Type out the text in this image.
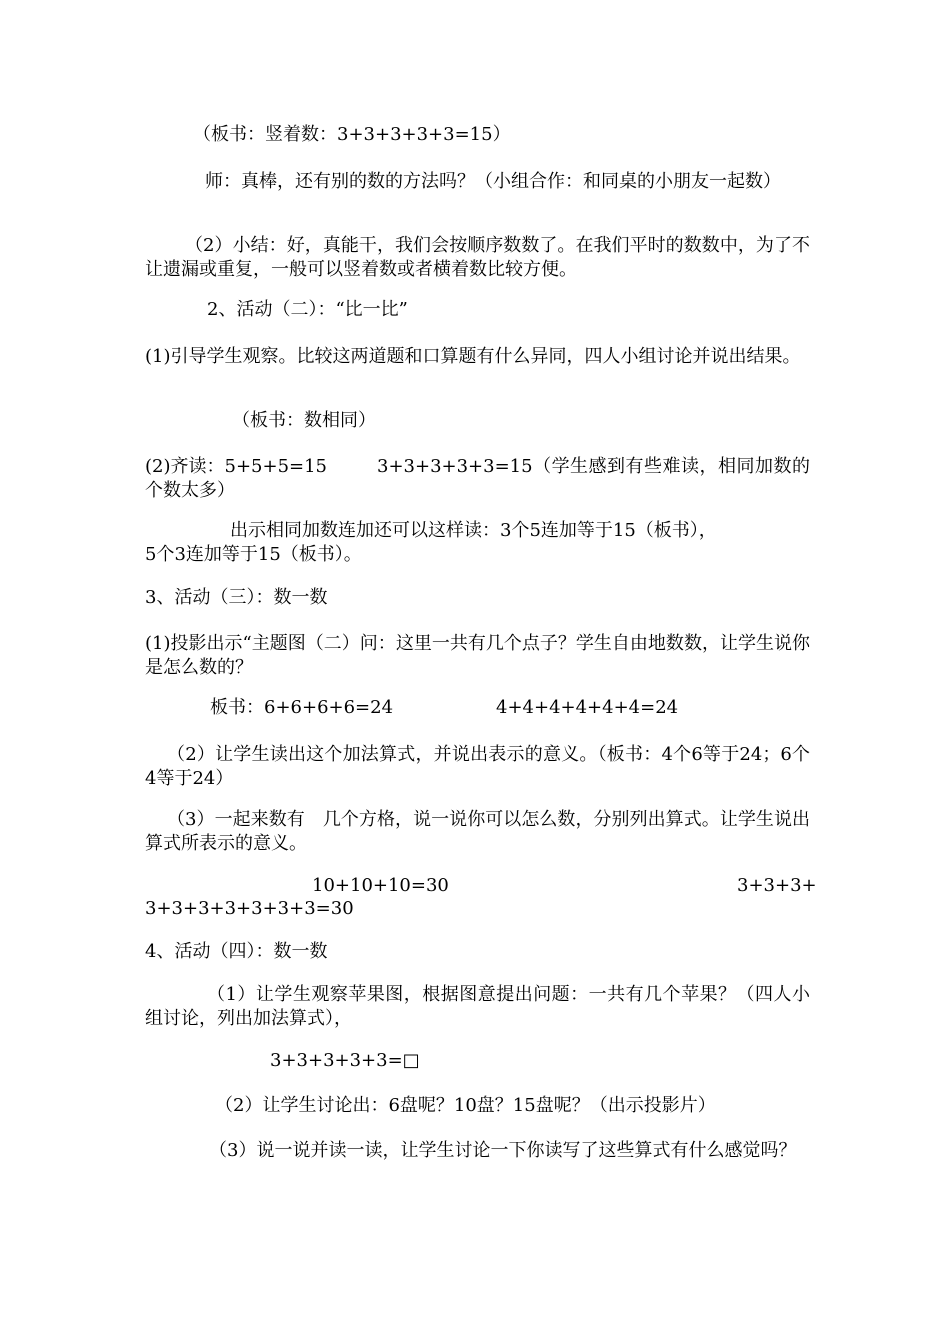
（板书：竖着数：3+3+3+3+3=15）
师：真棒，还有别的数的方法吗？（小组合作：和同桌的小朋友一起数）
（2）小结：好，真能干，我们会按顺序数数了。在我们平时的数数中，为了不让遗漏或重复，一般可以竖着数或者横着数比较方便。
2、活动（二）：“比一比”
(1)引导学生观察。比较这两道题和口算题有什么异同，四人小组讨论并说出结果。
（板书：数相同）
(2)齐读：5+5+5=15	3+3+3+3+3=15（学生感到有些难读，相同加数的个数太多）
出示相同加数连加还可以这样读：3个5连加等于15（板书），
5个3连加等于15（板书）。
3、活动（三）：数一数
(1)投影出示“主题图（二）问：这里一共有几个点子？学生自由地数数，让学生说你是怎么数的？
板书：6+6+6+6=24	4+4+4+4+4+4=24
（2）让学生读出这个加法算式，并说出表示的意义。（板书：4个6等于24；6个4等于24）
（3）一起来数有　几个方格，说一说你可以怎么数，分别列出算式。让学生说出算式所表示的意义。
10+10+10=30	3+3+3+
3+3+3+3+3+3+3=30
4、活动（四）：数一数
（1）让学生观察苹果图，根据图意提出问题：一共有几个苹果？（四人小组讨论，列出加法算式），
3+3+3+3+3=□
（2）让学生讨论出：6盘呢？10盘？15盘呢？（出示投影片）
（3）说一说并读一读，让学生讨论一下你读写了这些算式有什么感觉吗？
